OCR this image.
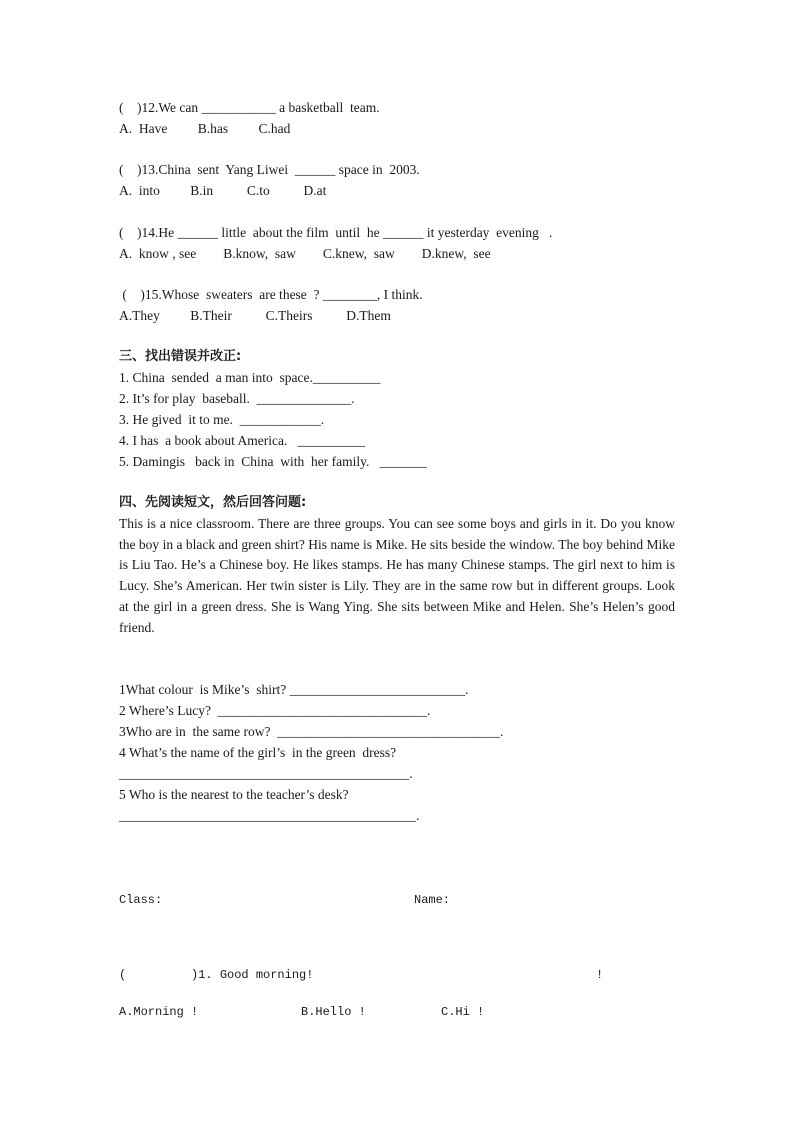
(    )12.We can ___________ a basketball  team.
A.  Have         B.has         C.had
(    )13.China  sent  Yang Liwei  ______ space in  2003.
A.  into         B.in          C.to          D.at
(    )14.He ______ little  about the film  until  he ______ it yesterday  evening   .
A.  know , see        B.know,  saw        C.knew,  saw        D.knew,  see
(    )15.Whose  sweaters  are these  ? ________, I think.
A.They         B.Their          C.Theirs          D.Them
三、找出错误并改正:
1. China  sended  a man into  space.__________
2. It’s for play  baseball.  ______________.
3. He gived  it to me.  ____________.
4. I has  a book about America.   __________
5. Damingis   back in  China  with  her family.   _______
四、先阅读短文，然后回答问题:
This is a nice classroom. There are three groups. You can see some boys and girls in it. Do you know the boy in a black and green shirt? His name is Mike. He sits beside the window. The boy behind Mike is Liu Tao. He’s a Chinese boy. He likes stamps. He has many Chinese stamps. The girl next to him is Lucy. She’s American. Her twin sister is Lily. They are in the same row but in different groups. Look at the girl in a green dress. She is Wang Ying. She sits between Mike and Helen. She’s Helen’s good friend.
1What colour  is Mike’s  shirt? __________________________.
2 Where’s Lucy?  _______________________________.
3Who are in  the same row?  _________________________________.
4 What’s the name of the girl’s  in the green  dress?
___________________________________________.
5 Who is the nearest to the teacher’s desk?
____________________________________________.
Class:	Name:
(         )1. Good morning!	!
A.Morning !	B.Hello !	C.Hi !
